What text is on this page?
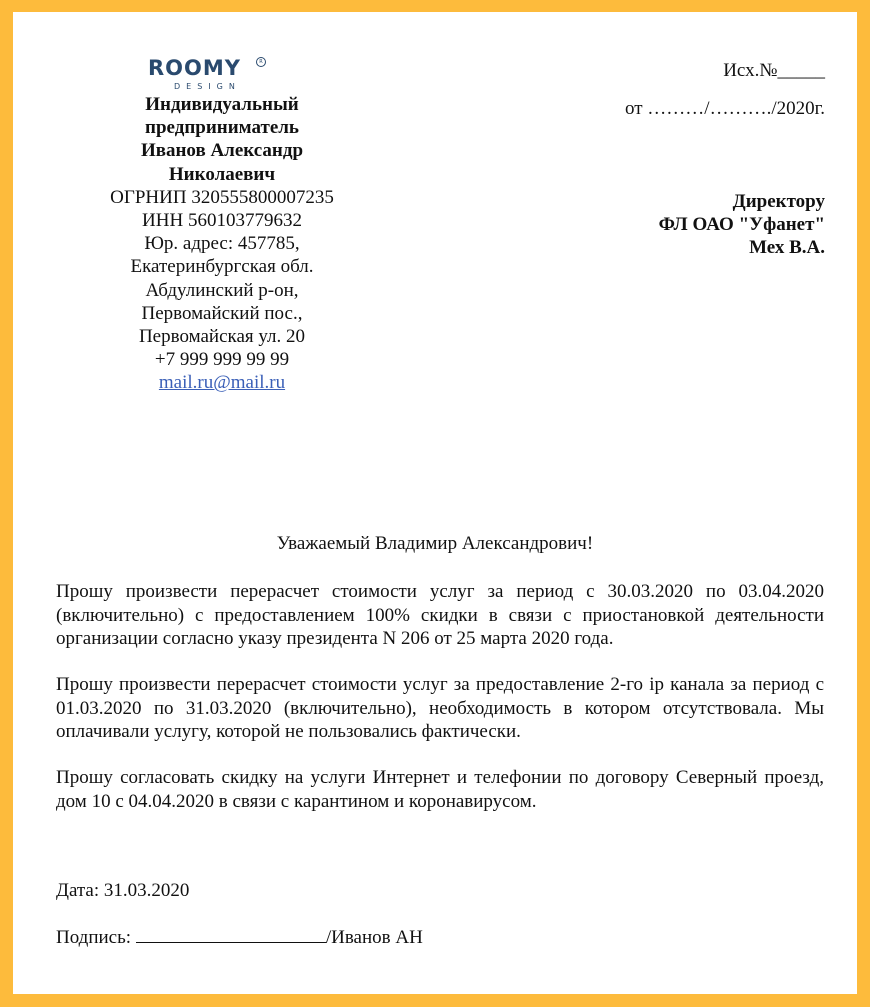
ROOMY	R
DESIGN
Индивидуальный
предприниматель
Иванов Александр
Николаевич
ОГРНИП 320555800007235
ИНН 560103779632
Юр. адрес: 457785,
Екатеринбургская обл.
Абдулинский р-он,
Первомайский пос.,
Первомайская ул. 20
+7 999 999 99 99
mail.ru@mail.ru
Исх.№_____
от ………/………./2020г.
Директору
ФЛ ОАО "Уфанет"
Мех В.А.
Уважаемый Владимир Александрович!
Прошу произвести перерасчет стоимости услуг за период с 30.03.2020 по 03.04.2020 (включительно) с предоставлением 100% скидки в связи с приостановкой деятельности организации согласно указу президента N 206 от 25 марта 2020 года.
Прошу произвести перерасчет стоимости услуг за предоставление 2-го ip канала за период с 01.03.2020 по 31.03.2020 (включительно), необходимость в котором отсутствовала. Мы оплачивали услугу, которой не пользовались фактически.
Прошу согласовать скидку на услуги Интернет и телефонии по договору Северный проезд, дом 10 с 04.04.2020 в связи с карантином и коронавирусом.
Дата: 31.03.2020
Подпись:	/Иванов АН
